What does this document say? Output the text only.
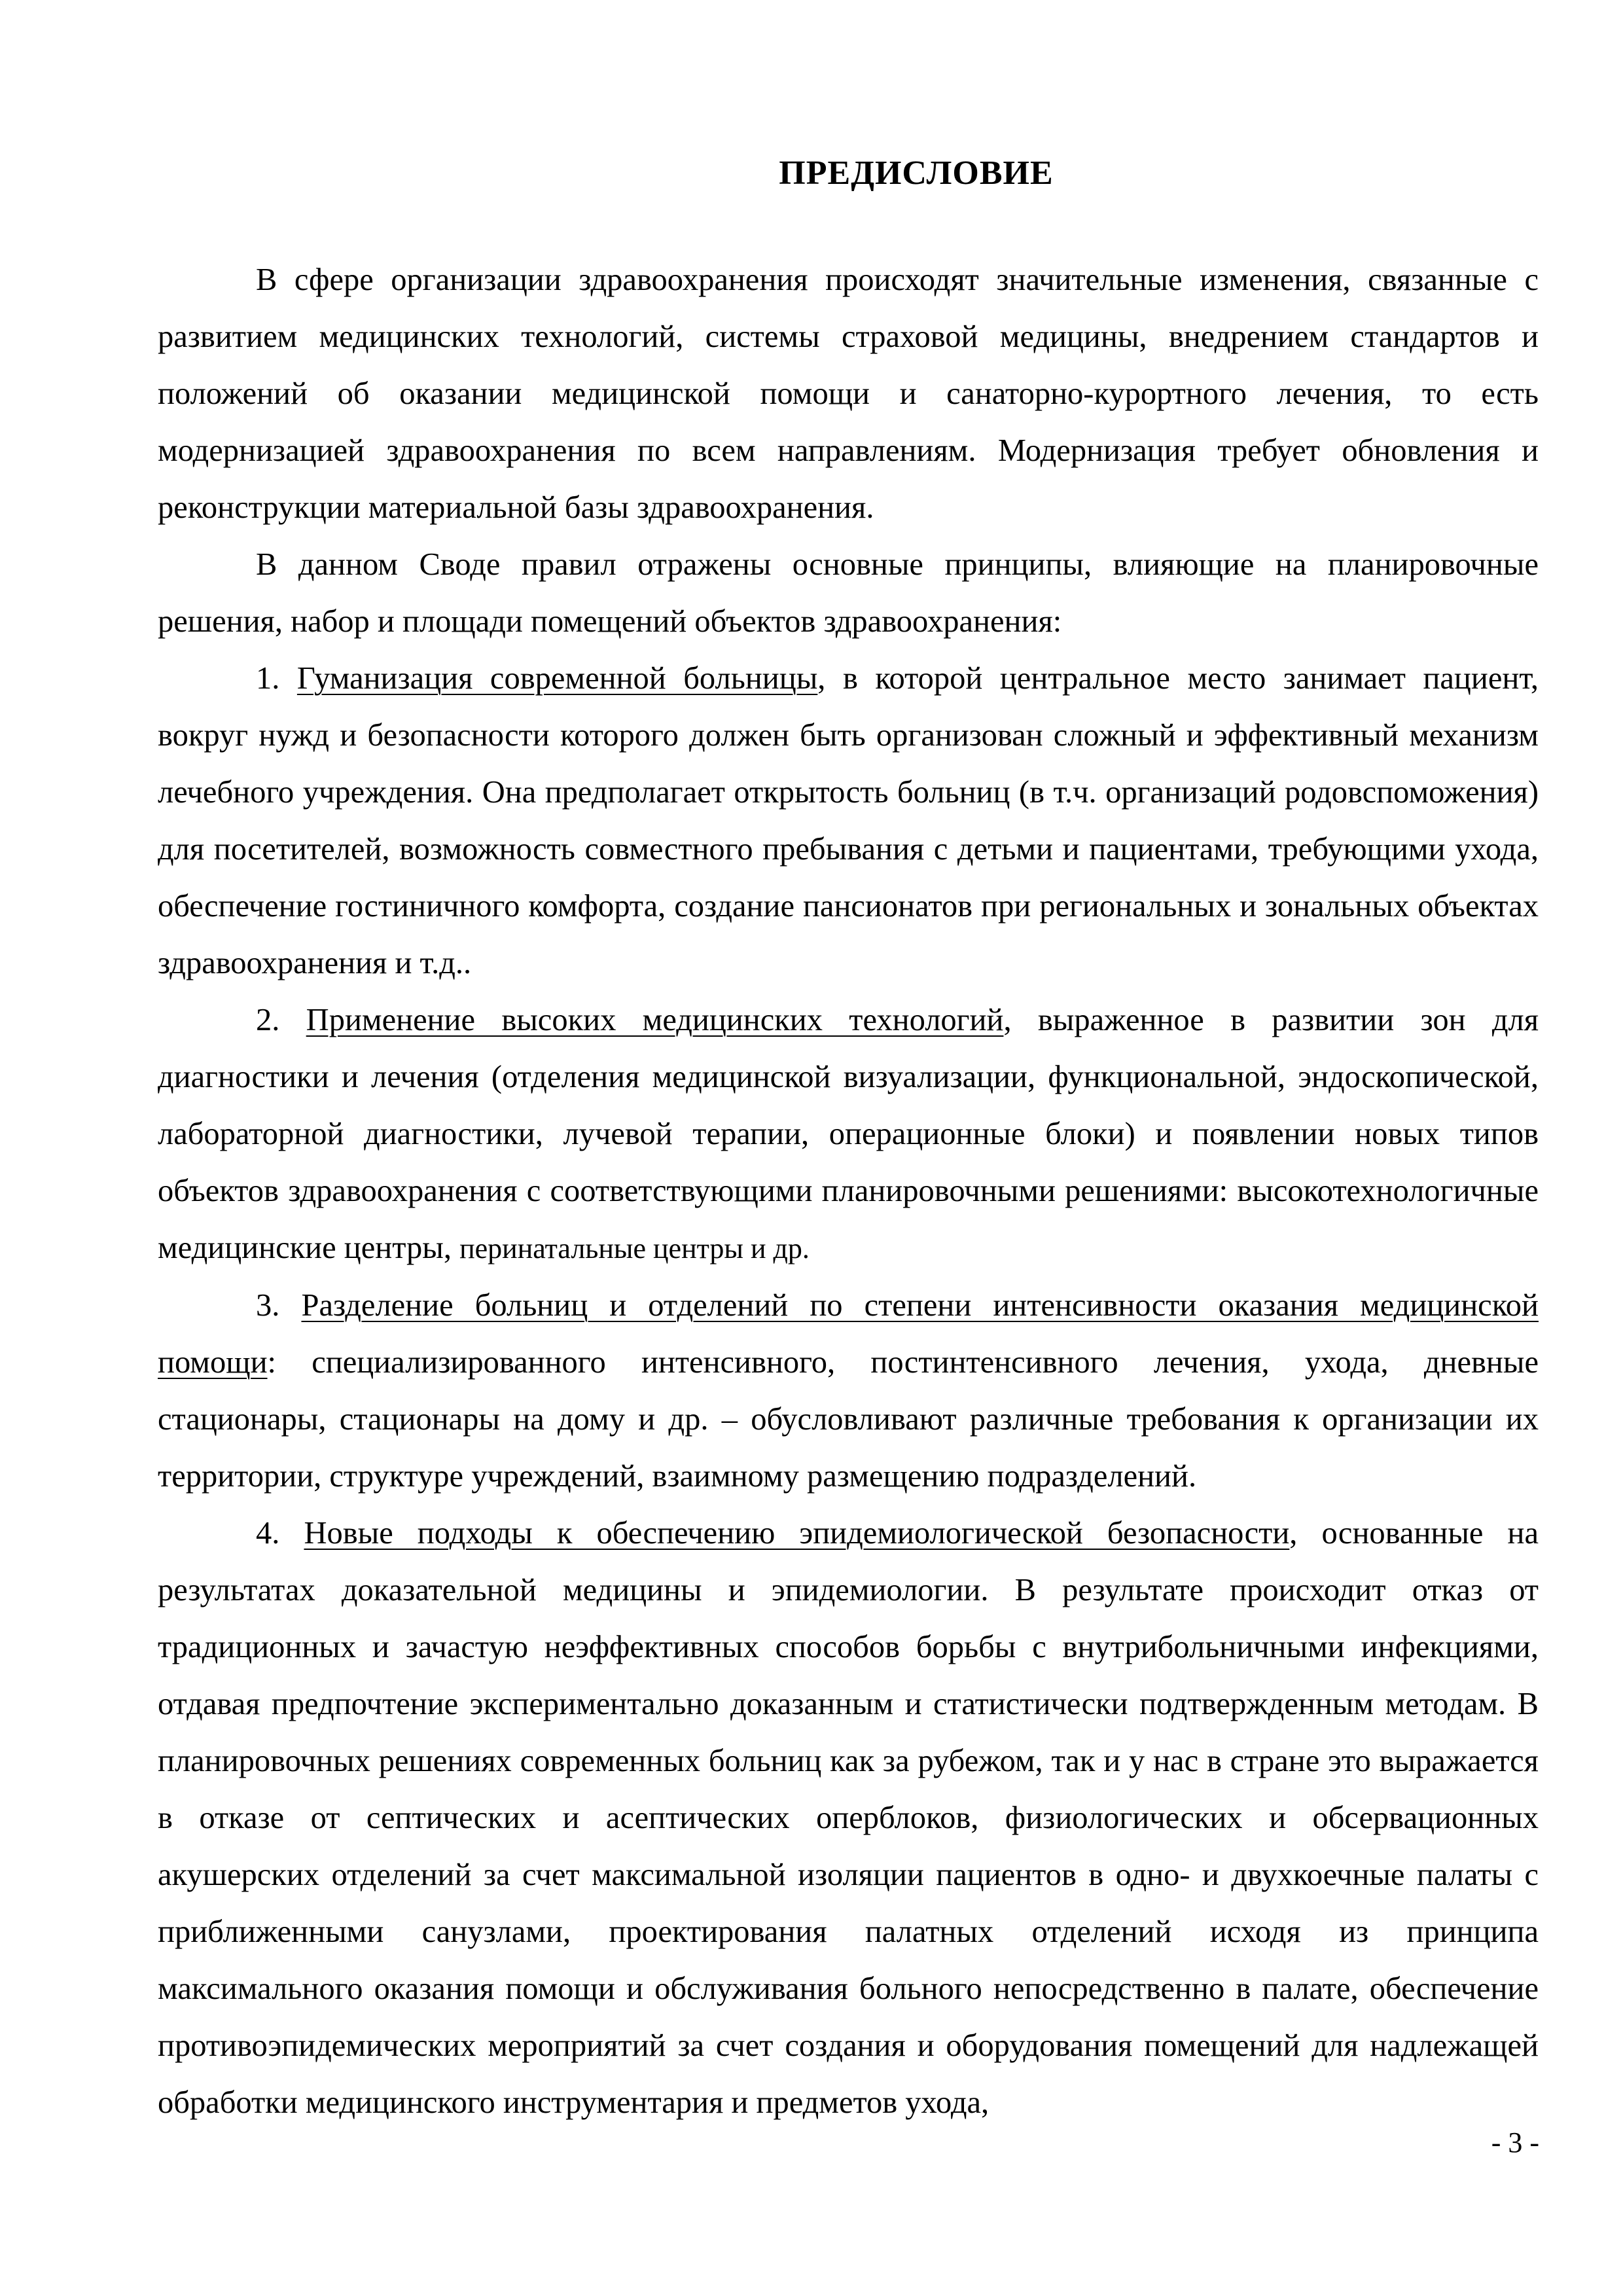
ПРЕДИСЛОВИЕ

В сфере организации здравоохранения происходят значительные изменения, связанные с развитием медицинских технологий, системы страховой медицины, внедрением стандартов и положений об оказании медицинской помощи и санаторно-курортного лечения, то есть модернизацией здравоохранения по всем направлениям. Модернизация требует обновления и реконструкции материальной базы здравоохранения.

В данном Своде правил отражены основные принципы, влияющие на планировочные решения, набор и площади помещений объектов здравоохранения:

1. Гуманизация современной больницы, в которой центральное место занимает пациент, вокруг нужд и безопасности которого должен быть организован сложный и эффективный механизм лечебного учреждения. Она предполагает открытость больниц (в т.ч. организаций родовспоможения) для посетителей, возможность совместного пребывания с детьми и пациентами, требующими ухода, обеспечение гостиничного комфорта, создание пансионатов при региональных и зональных объектах здравоохранения и т.д..

2. Применение высоких медицинских технологий, выраженное в развитии зон для диагностики и лечения (отделения медицинской визуализации, функциональной, эндоскопической, лабораторной диагностики, лучевой терапии, операционные блоки) и появлении новых типов объектов здравоохранения с соответствующими планировочными решениями: высокотехнологичные медицинские центры, перинатальные центры и др.

3. Разделение больниц и отделений по степени интенсивности оказания медицинской помощи: специализированного интенсивного, постинтенсивного лечения, ухода, дневные стационары, стационары на дому и др. – обусловливают различные требования к организации их территории, структуре учреждений, взаимному размещению подразделений.

4. Новые подходы к обеспечению эпидемиологической безопасности, основанные на результатах доказательной медицины и эпидемиологии. В результате происходит отказ от традиционных и зачастую неэффективных способов борьбы с внутрибольничными инфекциями, отдавая предпочтение экспериментально доказанным и статистически подтвержденным методам. В планировочных решениях современных больниц как за рубежом, так и у нас в стране это выражается в отказе от септических и асептических оперблоков, физиологических и обсервационных акушерских отделений за счет максимальной изоляции пациентов в одно- и двухкоечные палаты с приближенными санузлами, проектирования палатных отделений исходя из принципа максимального оказания помощи и обслуживания больного непосредственно в палате, обеспечение противоэпидемических мероприятий за счет создания и оборудования помещений для надлежащей обработки медицинского инструментария и предметов ухода,

- 3 -
